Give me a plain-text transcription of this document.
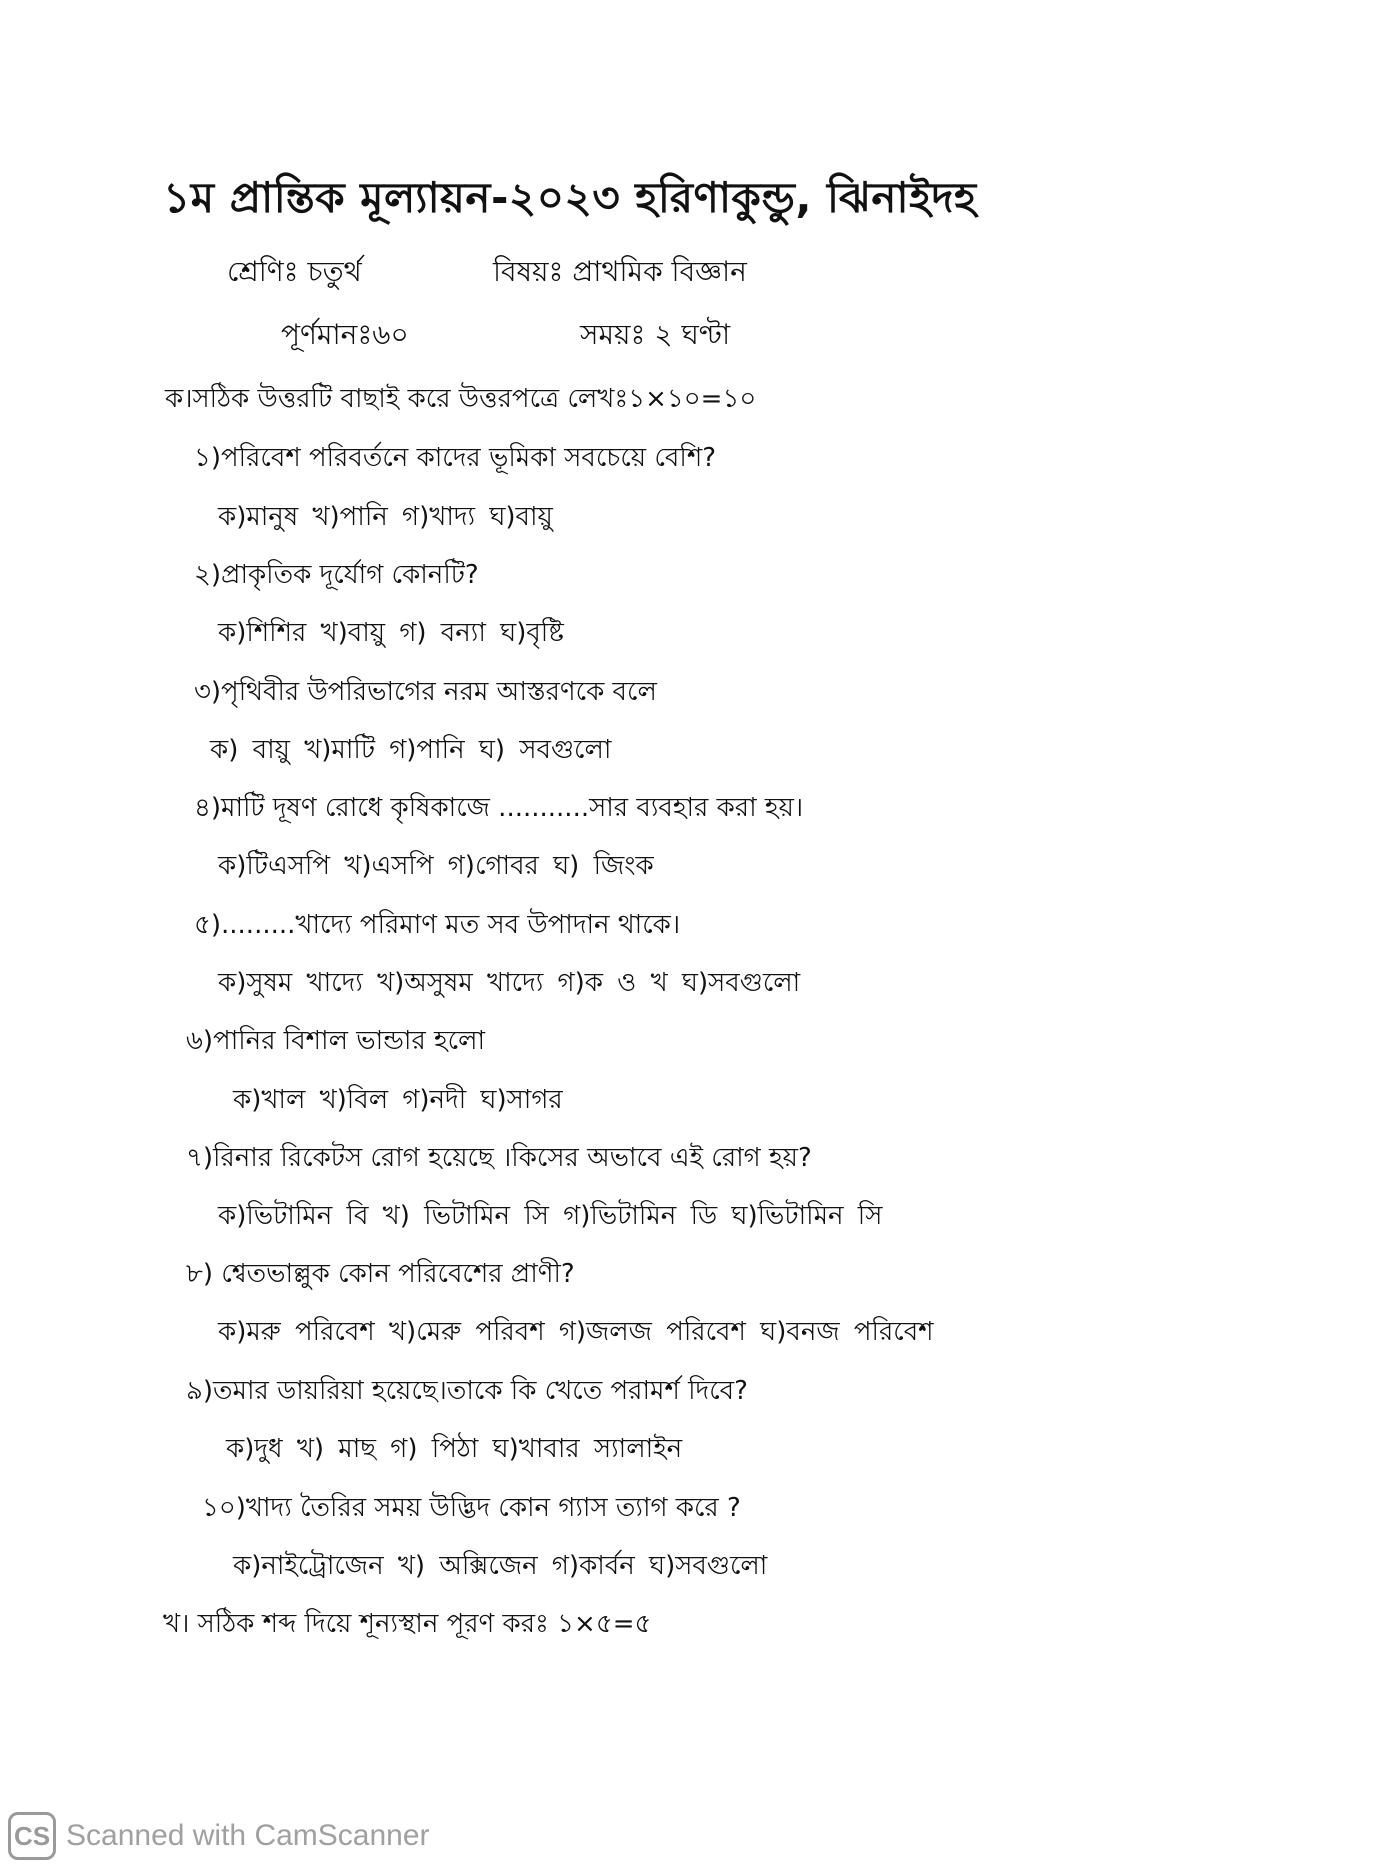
১ম প্রান্তিক মূল্যায়ন-২০২৩ হরিণাকুন্ডু, ঝিনাইদহ
শ্রেণিঃ চতুর্থ	বিষয়ঃ প্রাথমিক বিজ্ঞান
পূর্ণমানঃ৬০	সময়ঃ ২ ঘণ্টা
ক।সঠিক উত্তরটি বাছাই করে উত্তরপত্রে লেখঃ১×১০=১০
১)পরিবেশ পরিবর্তনে কাদের ভূমিকা সবচেয়ে বেশি?
ক)মানুষ খ)পানি গ)খাদ্য ঘ)বায়ু
২)প্রাকৃতিক দূর্যোগ কোনটি?
ক)শিশির খ)বায়ু গ) বন্যা ঘ)বৃষ্টি
৩)পৃথিবীর উপরিভাগের নরম আস্তরণকে বলে
ক) বায়ু খ)মাটি গ)পানি ঘ) সবগুলো
৪)মাটি দূষণ রোধে কৃষিকাজে ...........সার ব্যবহার করা হয়।
ক)টিএসপি খ)এসপি গ)গোবর ঘ) জিংক
৫).........খাদ্যে পরিমাণ মত সব উপাদান থাকে।
ক)সুষম খাদ্যে খ)অসুষম খাদ্যে গ)ক ও খ ঘ)সবগুলো
৬)পানির বিশাল ভান্ডার হলো
ক)খাল খ)বিল গ)নদী ঘ)সাগর
৭)রিনার রিকেটস রোগ হয়েছে ।কিসের অভাবে এই রোগ হয়?
ক)ভিটামিন বি খ) ভিটামিন সি গ)ভিটামিন ডি ঘ)ভিটামিন সি
৮) শ্বেতভাল্লুক কোন পরিবেশের প্রাণী?
ক)মরু পরিবেশ খ)মেরু পরিবশ গ)জলজ পরিবেশ ঘ)বনজ পরিবেশ
৯)তমার ডায়রিয়া হয়েছে।তাকে কি খেতে পরামর্শ দিবে?
ক)দুধ খ) মাছ গ) পিঠা ঘ)খাবার স্যালাইন
১০)খাদ্য তৈরির সময় উদ্ভিদ কোন গ্যাস ত্যাগ করে ?
ক)নাইট্রোজেন খ) অক্সিজেন গ)কার্বন ঘ)সবগুলো
খ। সঠিক শব্দ দিয়ে শূন্যস্থান পূরণ করঃ ১×৫=৫
CS Scanned with CamScanner
